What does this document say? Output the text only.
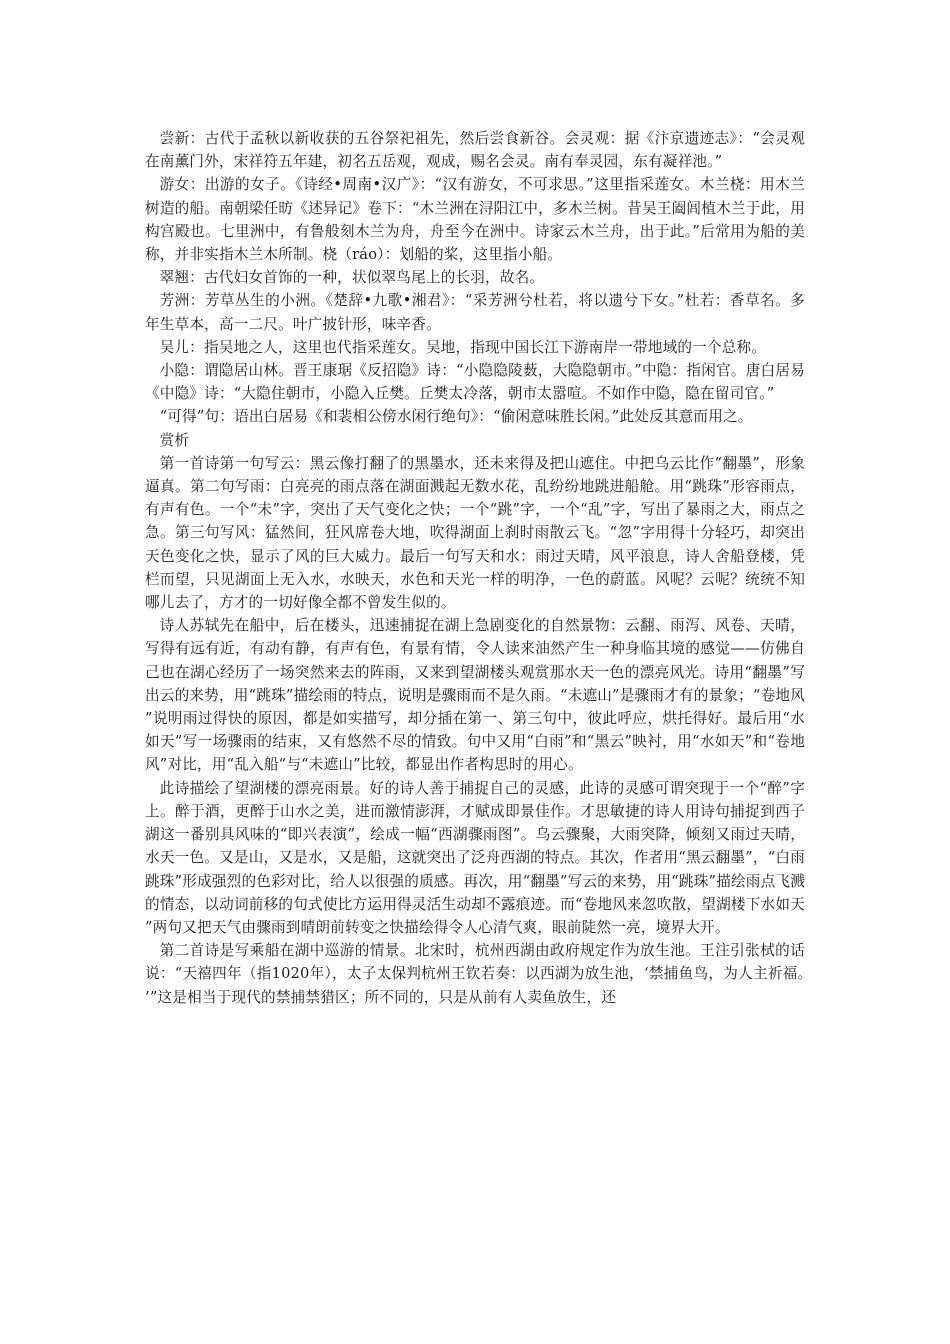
尝新：古代于孟秋以新收获的五谷祭祀祖先，然后尝食新谷。会灵观：据《汴京遗迹志》：“会灵观在南薰门外，宋祥符五年建，初名五岳观，观成，赐名会灵。南有奉灵园，东有凝祥池。”

游女：出游的女子。《诗经•周南•汉广》：“汉有游女，不可求思。”这里指采莲女。木兰桡：用木兰树造的船。南朝梁任昉《述异记》卷下：“木兰洲在浔阳江中，多木兰树。昔吴王阖闾植木兰于此，用构宫殿也。七里洲中，有鲁般刻木兰为舟，舟至今在洲中。诗家云木兰舟，出于此。”后常用为船的美称，并非实指木兰木所制。桡（ráo）：划船的桨，这里指小船。

翠翘：古代妇女首饰的一种，状似翠鸟尾上的长羽，故名。

芳洲：芳草丛生的小洲。《楚辞•九歌•湘君》：“采芳洲兮杜若，将以遗兮下女。”杜若：香草名。多年生草本，高一二尺。叶广披针形，味辛香。

吴儿：指吴地之人，这里也代指采莲女。吴地，指现中国长江下游南岸一带地域的一个总称。

小隐：谓隐居山林。晋王康琚《反招隐》诗：“小隐隐陵薮，大隐隐朝市。”中隐：指闲官。唐白居易《中隐》诗：“大隐住朝市，小隐入丘樊。丘樊太冷落，朝市太嚣喧。不如作中隐，隐在留司官。”

“可得”句：语出白居易《和裴相公傍水闲行绝句》：“偷闲意味胜长闲。”此处反其意而用之。

赏析

第一首诗第一句写云：黑云像打翻了的黑墨水，还未来得及把山遮住。中把乌云比作“翻墨”，形象逼真。第二句写雨：白亮亮的雨点落在湖面溅起无数水花，乱纷纷地跳进船舱。用“跳珠”形容雨点，有声有色。一个“未”字，突出了天气变化之快；一个“跳”字，一个“乱”字，写出了暴雨之大，雨点之急。第三句写风：猛然间，狂风席卷大地，吹得湖面上刹时雨散云飞。“忽”字用得十分轻巧，却突出天色变化之快，显示了风的巨大威力。最后一句写天和水：雨过天晴，风平浪息，诗人舍船登楼，凭栏而望，只见湖面上无入水，水映天，水色和天光一样的明净，一色的蔚蓝。风呢？云呢？统统不知哪儿去了，方才的一切好像全都不曾发生似的。

诗人苏轼先在船中，后在楼头，迅速捕捉在湖上急剧变化的自然景物：云翻、雨泻、风卷、天晴，写得有远有近，有动有静，有声有色，有景有情，令人读来油然产生一种身临其境的感觉——仿佛自己也在湖心经历了一场突然来去的阵雨，又来到望湖楼头观赏那水天一色的漂亮风光。诗用“翻墨”写出云的来势，用“跳珠”描绘雨的特点，说明是骤雨而不是久雨。“未遮山”是骤雨才有的景象；“卷地风”说明雨过得快的原因，都是如实描写，却分插在第一、第三句中，彼此呼应，烘托得好。最后用“水如天”写一场骤雨的结束，又有悠然不尽的情致。句中又用“白雨”和“黑云”映衬，用“水如天”和“卷地风”对比，用“乱入船“与“未遮山”比较，都显出作者构思时的用心。

此诗描绘了望湖楼的漂亮雨景。好的诗人善于捕捉自己的灵感，此诗的灵感可谓突现于一个“醉”字上。醉于酒，更醉于山水之美，进而激情澎湃，才赋成即景佳作。才思敏捷的诗人用诗句捕捉到西子湖这一番别具风味的“即兴表演”，绘成一幅“西湖骤雨图”。乌云骤聚，大雨突降，倾刻又雨过天晴，水天一色。又是山，又是水，又是船，这就突出了泛舟西湖的特点。其次，作者用“黑云翻墨”，“白雨跳珠”形成强烈的色彩对比，给人以很强的质感。再次，用“翻墨”写云的来势，用“跳珠”描绘雨点飞溅的情态，以动词前移的句式使比方运用得灵活生动却不露痕迹。而“卷地风来忽吹散，望湖楼下水如天”两句又把天气由骤雨到晴朗前转变之快描绘得令人心清气爽，眼前陡然一亮，境界大开。

第二首诗是写乘船在湖中巡游的情景。北宋时，杭州西湖由政府规定作为放生池。王注引张栻的话说：“天禧四年（指1020年），太子太保判杭州王钦若奏：以西湖为放生池，‘禁捕鱼鸟，为人主祈福。’”这是相当于现代的禁捕禁猎区；所不同的，只是从前有人卖鱼放生，还
